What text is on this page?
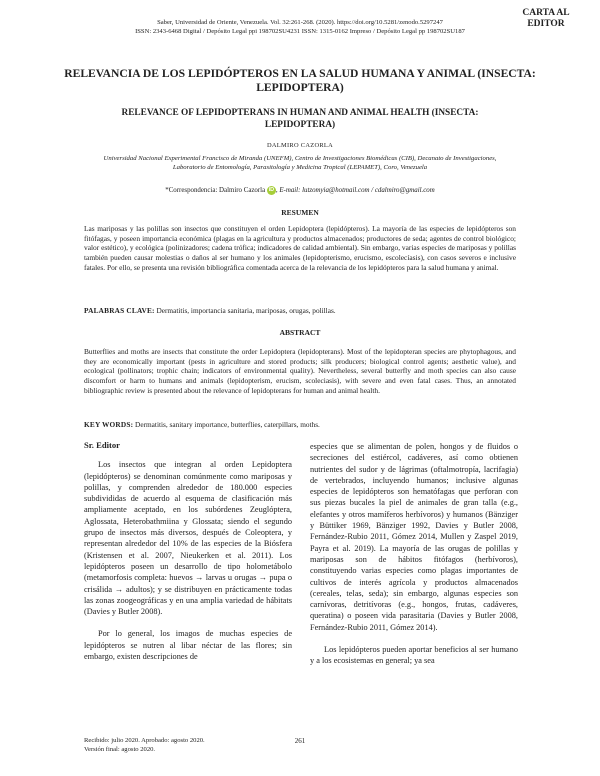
CARTA AL EDITOR
Saber, Universidad de Oriente, Venezuela. Vol. 32:261-268. (2020). https://doi.org/10.5281/zenodo.5297247
ISSN: 2343-6468 Digital / Depósito Legal ppi 198702SU4231 ISSN: 1315-0162 Impreso / Depósito Legal pp 198702SU187
RELEVANCIA DE LOS LEPIDÓPTEROS EN LA SALUD HUMANA Y ANIMAL (INSECTA: LEPIDOPTERA)
RELEVANCE OF LEPIDOPTERANS IN HUMAN AND ANIMAL HEALTH (INSECTA: LEPIDOPTERA)
DALMIRO CAZORLA
Universidad Nacional Experimental Francisco de Miranda (UNEFM), Centro de Investigaciones Biomédicas (CIB), Decanato de Investigaciones, Laboratorio de Entomología, Parasitología y Medicina Tropical (LEPAMET), Coro, Venezuela
*Correspondencia: Dalmiro Cazorla iD , E-mail: lutzomyia@hotmail.com / cdalmiro@gmail.com
RESUMEN
Las mariposas y las polillas son insectos que constituyen el orden Lepidoptera (lepidópteros). La mayoría de las especies de lepidópteros son fitófagas, y poseen importancia económica (plagas en la agricultura y productos almacenados; productores de seda; agentes de control biológico; valor estético), y ecológica (polinizadores; cadena trófica; indicadores de calidad ambiental). Sin embargo, varias especies de mariposas y polillas también pueden causar molestias o daños al ser humano y los animales (lepidopterismo, erucismo, escolecíasis), con casos severos e inclusive fatales. Por ello, se presenta una revisión bibliográfica comentada acerca de la relevancia de los lepidópteros para la salud humana y animal.
PALABRAS CLAVE: Dermatitis, importancia sanitaria, mariposas, orugas, polillas.
ABSTRACT
Butterflies and moths are insects that constitute the order Lepidoptera (lepidopterans). Most of the lepidopteran species are phytophagous, and they are economically important (pests in agriculture and stored products; silk producers; biological control agents; aesthetic value), and ecological (pollinators; trophic chain; indicators of environmental quality). Nevertheless, several butterfly and moth species can also cause discomfort or harm to humans and animals (lepidopterism, erucism, scoleciasis), with severe and even fatal cases. Thus, an annotated bibliographic review is presented about the relevance of lepidopterans for human and animal health.
KEY WORDS: Dermatitis, sanitary importance, butterflies, caterpillars, moths.
Sr. Editor

Los insectos que integran al orden Lepidoptera (lepidópteros) se denominan comúnmente como mariposas y polillas, y comprenden alrededor de 180.000 especies subdivididas de acuerdo al esquema de clasificación más ampliamente aceptado, en los subórdenes Zeuglóptera, Aglossata, Heterobathmiina y Glossata; siendo el segundo grupo de insectos más diversos, después de Coleoptera, y representan alrededor del 10% de las especies de la Biósfera (Kristensen et al. 2007, Nieukerken et al. 2011). Los lepidópteros poseen un desarrollo de tipo holometábolo (metamorfosis completa: huevos → larvas u orugas → pupa o crisálida → adultos); y se distribuyen en prácticamente todas las zonas zoogeográficas y en una amplia variedad de hábitats (Davies y Butler 2008).

Por lo general, los imagos de muchas especies de lepidópteros se nutren al libar néctar de las flores; sin embargo, existen descripciones de

especies que se alimentan de polen, hongos y de fluidos o secreciones del estiércol, cadáveres, así como obtienen nutrientes del sudor y de lágrimas (oftalmotropía, lacrifagia) de vertebrados, incluyendo humanos; inclusive algunas especies de lepidópteros son hematófagas que perforan con sus piezas bucales la piel de animales de gran talla (e.g., elefantes y otros mamíferos herbívoros) y humanos (Bänziger y Büttiker 1969, Bänziger 1992, Davies y Butler 2008, Fernández-Rubio 2011, Gómez 2014, Mullen y Zaspel 2019, Payra et al. 2019). La mayoría de las orugas de polillas y mariposas son de hábitos fitófagos (herbívoros), constituyendo varias especies como plagas importantes de cultivos de interés agrícola y productos almacenados (cereales, telas, seda); sin embargo, algunas especies son carnívoras, detritívoras (e.g., hongos, frutas, cadáveres, queratina) o poseen vida parasitaria (Davies y Butler 2008, Fernández-Rubio 2011, Gómez 2014).

Los lepidópteros pueden aportar beneficios al ser humano y a los ecosistemas en general; ya sea

Recibido: julio 2020. Aprobado: agosto 2020.
Versión final: agosto 2020.
261
